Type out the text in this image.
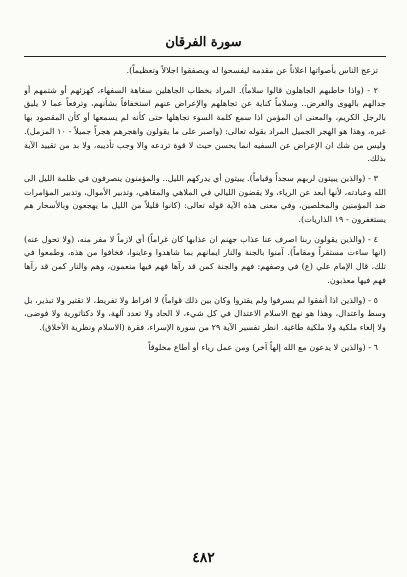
سورة الفرقان

تزعج الناس بأصواتها اعلاناً عن مقدمه ليفسحوا له ويصفقوا اجلالاً وتعظيماً).

٢ - (واذا خاطبهم الجاهلون قالوا سلاماً). المراد بخطاب الجاهلين سفاهة السفهاء، كهزئهم أو شتمهم أو جدالهم بالهوى والغرض.. وسلاماً كناية عن تجاهلهم والإعراض عنهم استخفافاً بشأنهم، وترفعاً عما لا يليق بالرجل الكريم، والمعنى ان المؤمن اذا سمع كلمة السوء تجاهلها حتى كأنه لم يسمعها أو كأن المقصود بها غيره، وهذا هو الهجر الجميل المراد بقوله تعالى: (واصبر على ما يقولون واهجرهم هجراً جميلاً - ١٠ المزمل). وليس من شك ان الإعراض عن السفيه انما يحسن حيث لا قوة تردعه والا وجب تأديبه، ولا بد من تقييد الآية بذلك.

٣ - (والذين يبيتون لربهم سجداً وقياماً). يبيتون أي يدركهم الليل.. والمؤمنون ينصرفون في ظلمة الليل الى الله وعبادته، لأنها أبعد عن الرياء، ولا يقضون الليالي في الملاهي والمقاهي، وتدبير الأموال، وتدبير المؤامرات ضد المؤمنين والمخلصين، وفي معنى هذه الآية قوله تعالى: (كانوا قليلاً من الليل ما يهجعون وبالأسحار هم يستغفرون - ١٩ الذاريات).

٤ - (والذين يقولون ربنا اصرف عنا عذاب جهنم ان عذابها كان غراماً) أي لازماً لا مفر منه، (ولا تحول عنه) (انها ساءت مستقراً ومقاماً). آمنوا بالجنة والنار ايمانهم بما شاهدوا وعاينوا، فخافوا من هذه، وطمعوا في تلك، قال الإمام علي (ع) في وصفهم: فهم والجنة كمن قد رآها فهم فيها منعمون، وهم والنار كمن قد رآها فهم فيها معذبون.

٥ - (والذين اذا أنفقوا لم يسرفوا ولم يقتروا وكان بين ذلك قواماً) لا افراط ولا تفريط، لا تقتير ولا تبذير، بل وسط واعتدال، وهذا هو نهج الاسلام الاعتدال في كل شيء، لا الحاد ولا تعدد آلهة، ولا دكتاتورية ولا فوضى، ولا إلغاء ملكية ولا ملكية طاغية. انظر تفسير الآية ٢٩ من سورة الإسراء، فقرة (الاسلام ونظرية الأخلاق).

٦ - (والذين لا يدعون مع الله إلهاً آخر) ومن عمل رياء أو أطاع مخلوقاً

٤٨٢
